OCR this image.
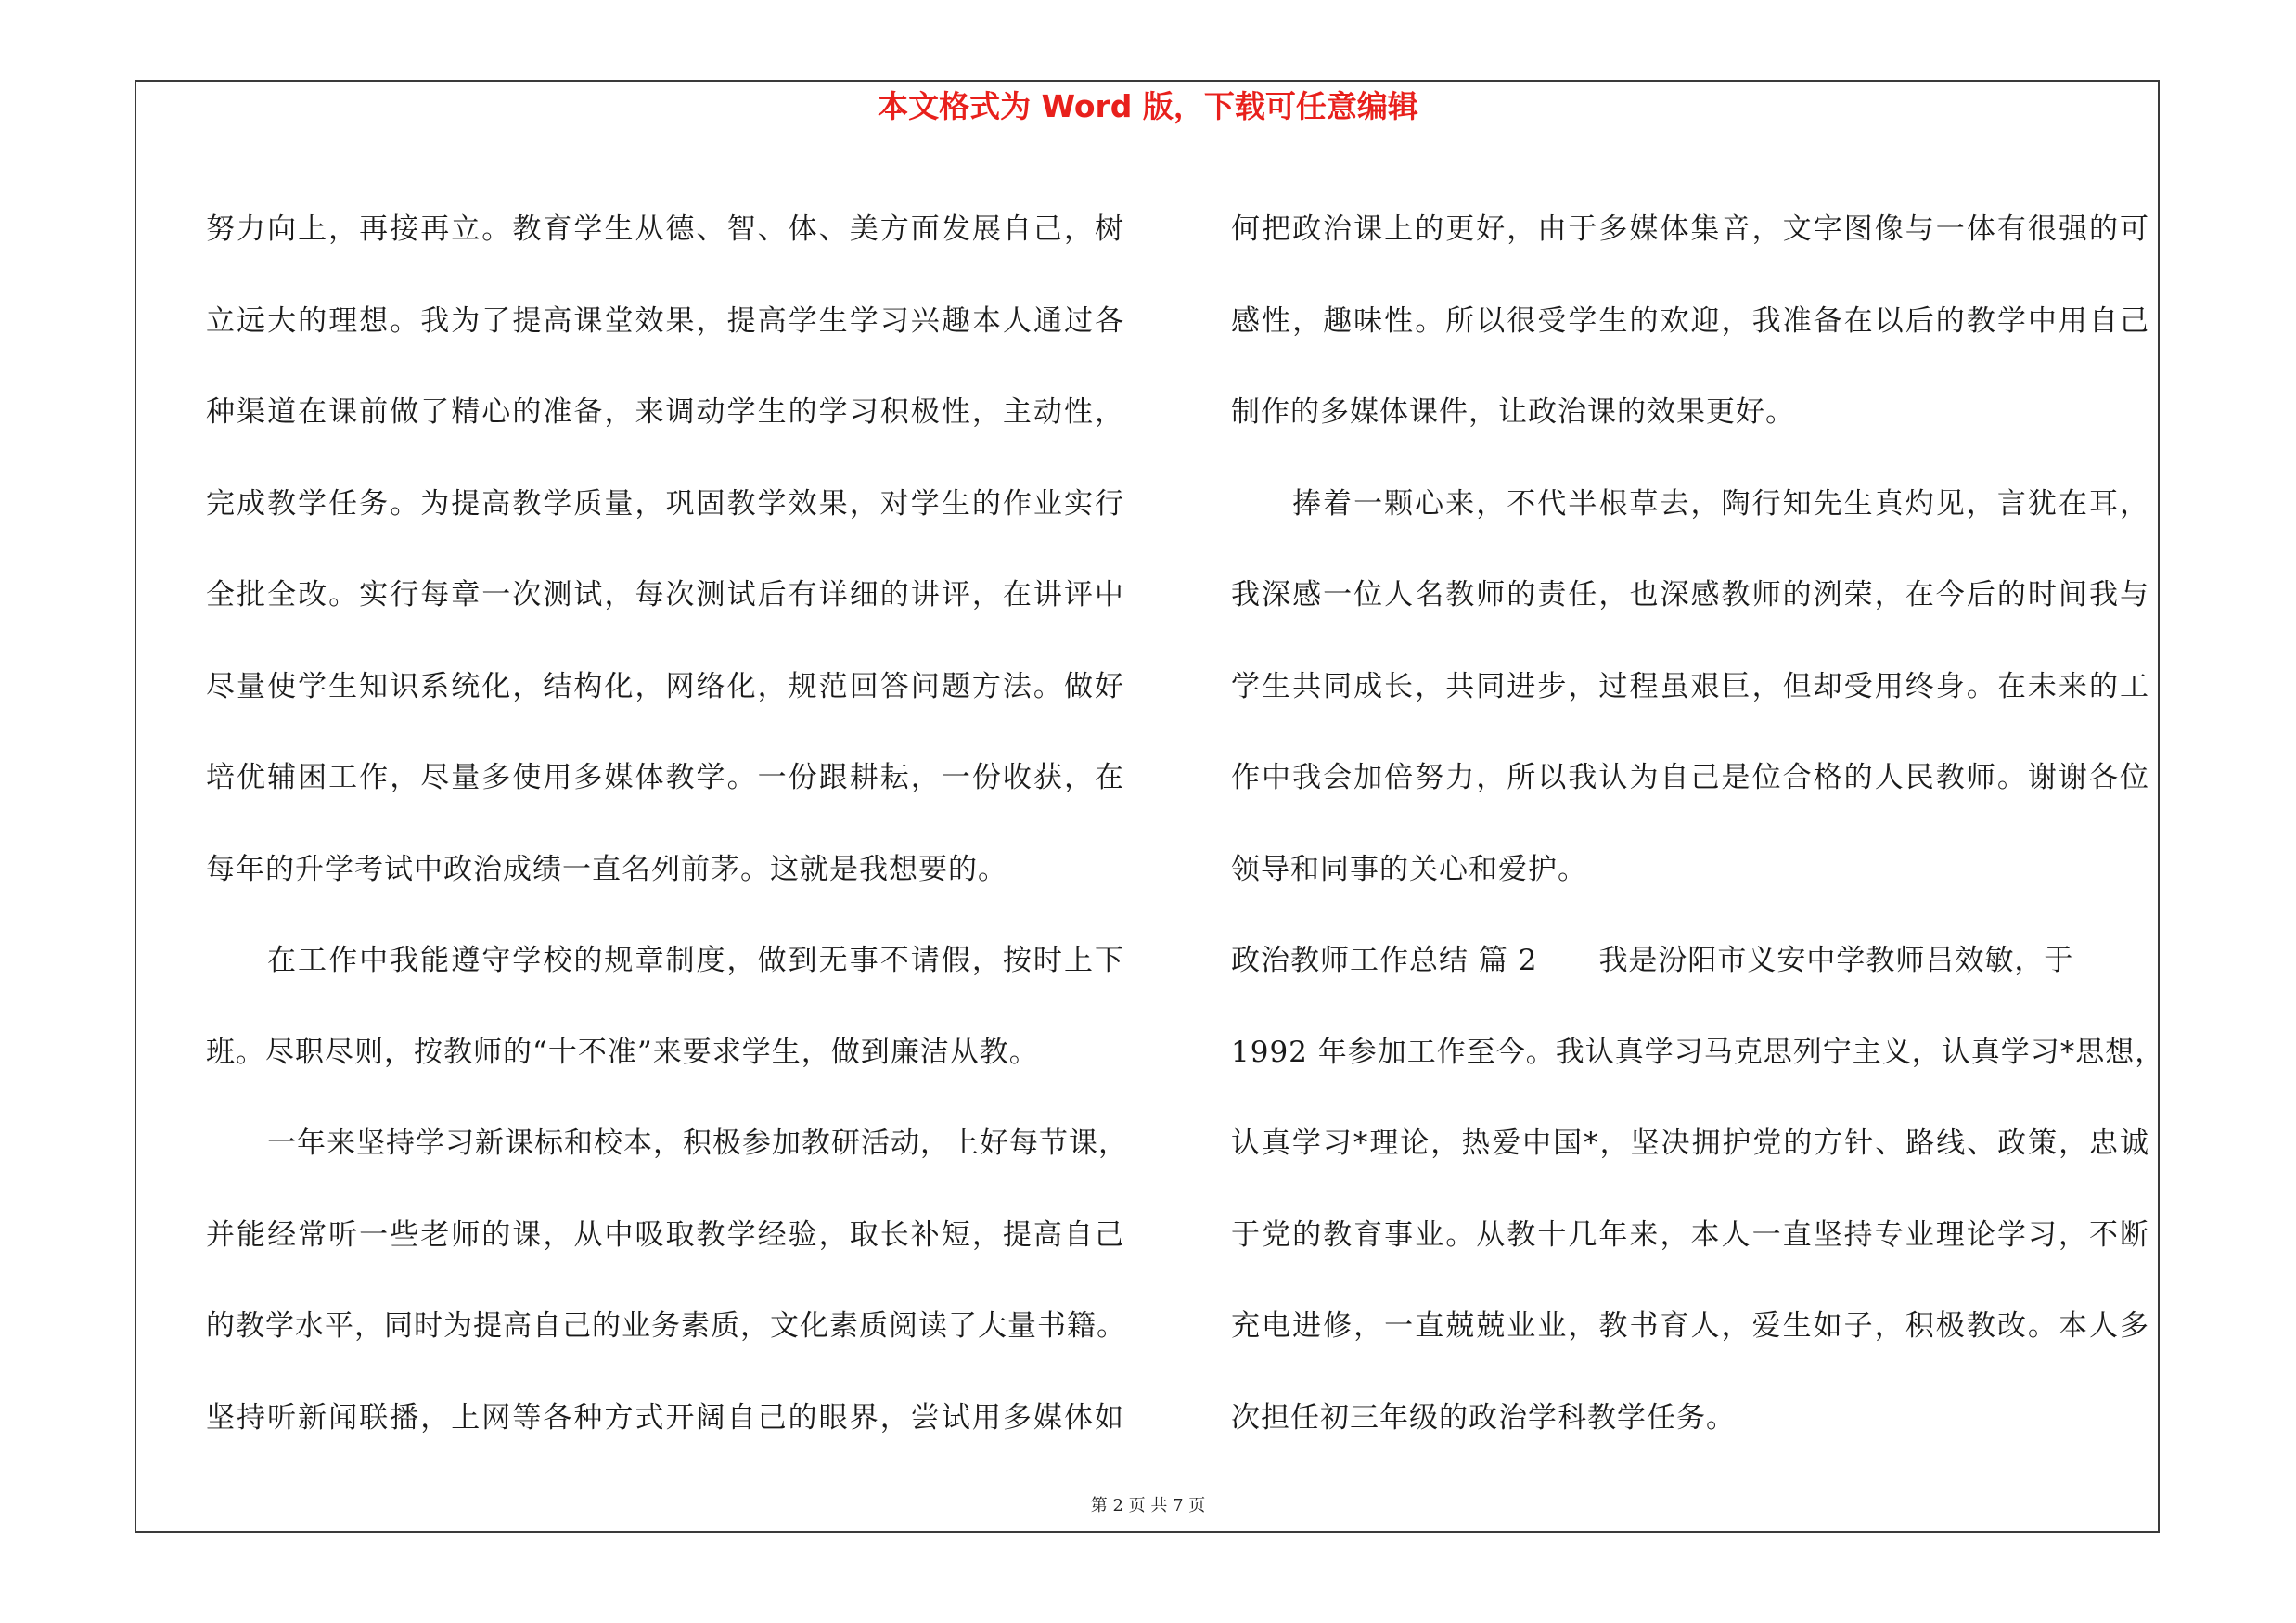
本文格式为 Word 版，下载可任意编辑
努力向上，再接再立。教育学生从德、智、体、美方面发展自己，树
立远大的理想。我为了提高课堂效果，提高学生学习兴趣本人通过各
种渠道在课前做了精心的准备，来调动学生的学习积极性，主动性，
完成教学任务。为提高教学质量，巩固教学效果，对学生的作业实行
全批全改。实行每章一次测试，每次测试后有详细的讲评，在讲评中
尽量使学生知识系统化，结构化，网络化，规范回答问题方法。做好
培优辅困工作，尽量多使用多媒体教学。一份跟耕耘，一份收获，在
每年的升学考试中政治成绩一直名列前茅。这就是我想要的。
在工作中我能遵守学校的规章制度，做到无事不请假，按时上下
班。尽职尽则，按教师的“十不准”来要求学生，做到廉洁从教。
一年来坚持学习新课标和校本，积极参加教研活动，上好每节课，
并能经常听一些老师的课，从中吸取教学经验，取长补短，提高自己
的教学水平，同时为提高自己的业务素质，文化素质阅读了大量书籍。
坚持听新闻联播，上网等各种方式开阔自己的眼界，尝试用多媒体如
何把政治课上的更好，由于多媒体集音，文字图像与一体有很强的可
感性，趣味性。所以很受学生的欢迎，我准备在以后的教学中用自己
制作的多媒体课件，让政治课的效果更好。
捧着一颗心来，不代半根草去，陶行知先生真灼见，言犹在耳，
我深感一位人名教师的责任，也深感教师的洌荣，在今后的时间我与
学生共同成长，共同进步，过程虽艰巨，但却受用终身。在未来的工
作中我会加倍努力，所以我认为自己是位合格的人民教师。谢谢各位
领导和同事的关心和爱护。
政治教师工作总结 篇 2 我是汾阳市义安中学教师吕效敏，于
1992 年参加工作至今。我认真学习马克思列宁主义，认真学习*思想，
认真学习*理论，热爱中国*，坚决拥护党的方针、路线、政策，忠诚
于党的教育事业。从教十几年来，本人一直坚持专业理论学习，不断
充电进修，一直兢兢业业，教书育人，爱生如子，积极教改。本人多
次担任初三年级的政治学科教学任务。
第 2 页 共 7 页
